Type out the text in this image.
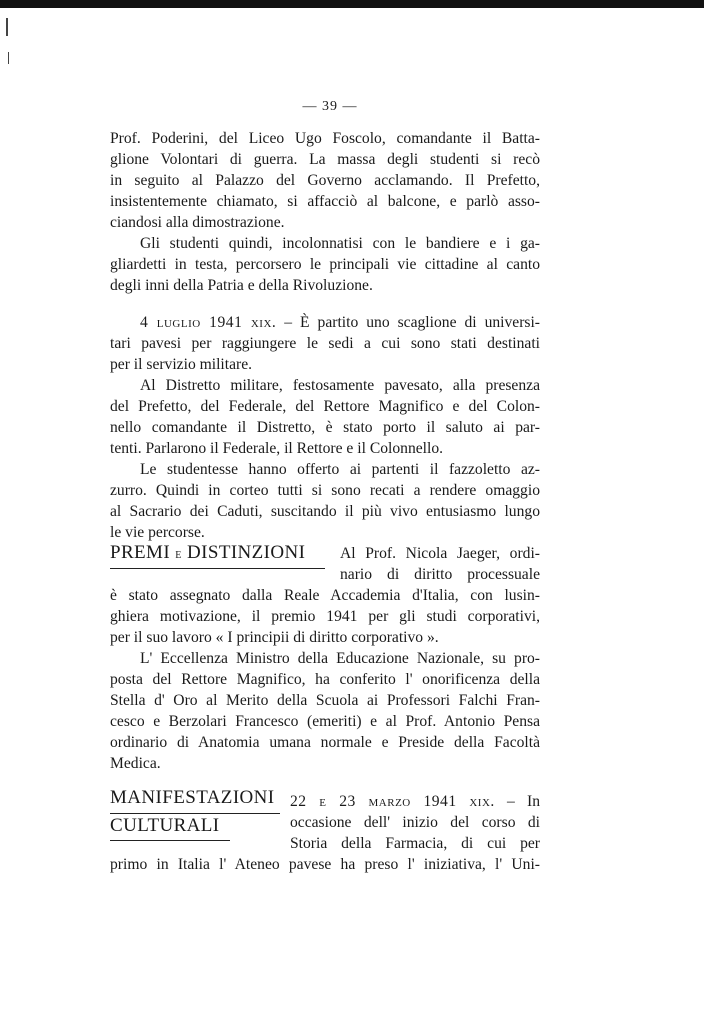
— 39 —
Prof. Poderini, del Liceo Ugo Foscolo, comandante il Batta-
glione Volontari di guerra. La massa degli studenti si recò
in seguito al Palazzo del Governo acclamando. Il Prefetto,
insistentemente chiamato, si affacciò al balcone, e parlò asso-
ciandosi alla dimostrazione.
Gli studenti quindi, incolonnatisi con le bandiere e i ga-
gliardetti in testa, percorsero le principali vie cittadine al canto
degli inni della Patria e della Rivoluzione.
4 luglio 1941 xix. – È partito uno scaglione di universi-
tari pavesi per raggiungere le sedi a cui sono stati destinati
per il servizio militare.
Al Distretto militare, festosamente pavesato, alla presenza
del Prefetto, del Federale, del Rettore Magnifico e del Colon-
nello comandante il Distretto, è stato porto il saluto ai par-
tenti. Parlarono il Federale, il Rettore e il Colonnello.
Le studentesse hanno offerto ai partenti il fazzoletto az-
zurro. Quindi in corteo tutti si sono recati a rendere omaggio
al Sacrario dei Caduti, suscitando il più vivo entusiasmo lungo
le vie percorse.
PREMI e DISTINZIONI Al Prof. Nicola Jaeger, ordi-
nario di diritto processuale
è stato assegnato dalla Reale Accademia d'Italia, con lusin-
ghiera motivazione, il premio 1941 per gli studi corporativi,
per il suo lavoro « I principii di diritto corporativo ».
L' Eccellenza Ministro della Educazione Nazionale, su pro-
posta del Rettore Magnifico, ha conferito l' onorificenza della
Stella d' Oro al Merito della Scuola ai Professori Falchi Fran-
cesco e Berzolari Francesco (emeriti) e al Prof. Antonio Pensa
ordinario di Anatomia umana normale e Preside della Facoltà
Medica.
MANIFESTAZIONI
CULTURALI
22 e 23 marzo 1941 xix. – In
occasione dell' inizio del corso di
Storia della Farmacia, di cui per
primo in Italia l' Ateneo pavese ha preso l' iniziativa, l' Uni-
